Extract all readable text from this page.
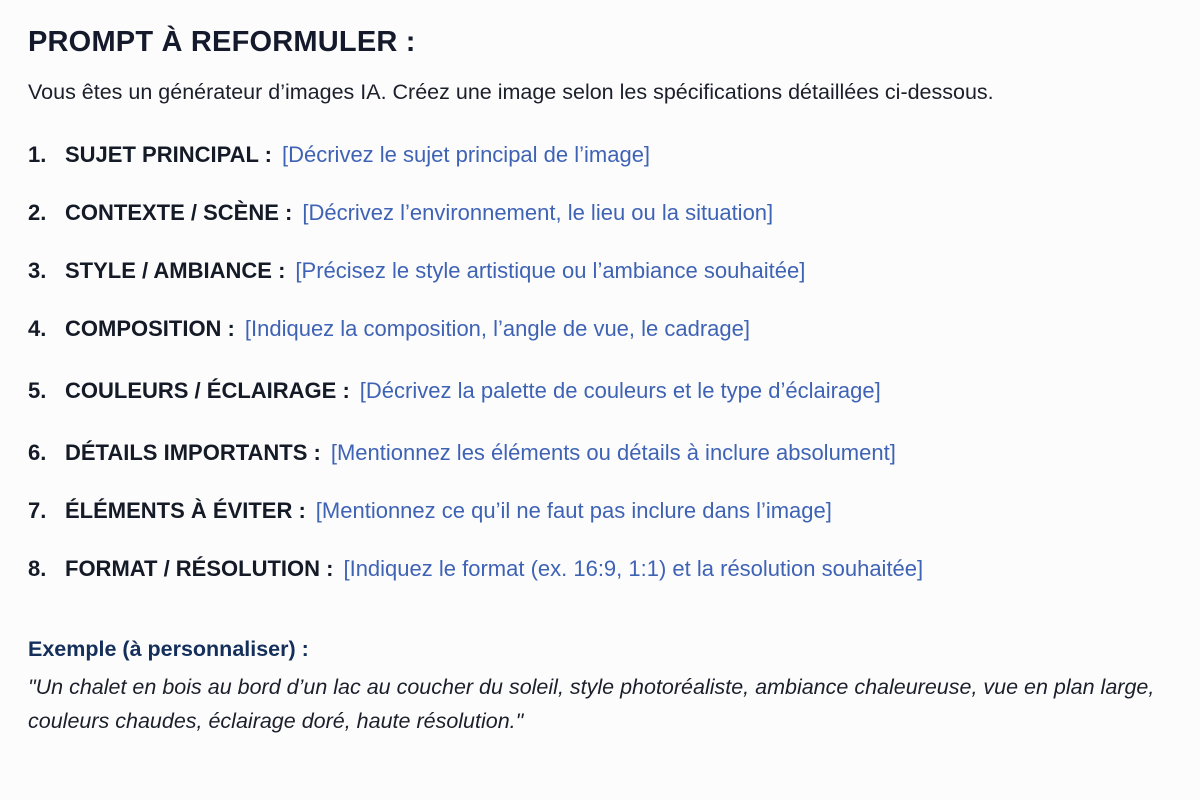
PROMPT À REFORMULER :

Vous êtes un générateur d’images IA. Créez une image selon les spécifications détaillées ci-dessous.

1. SUJET PRINCIPAL : [Décrivez le sujet principal de l’image]
2. CONTEXTE / SCÈNE : [Décrivez l’environnement, le lieu ou la situation]
3. STYLE / AMBIANCE : [Précisez le style artistique ou l’ambiance souhaitée]
4. COMPOSITION : [Indiquez la composition, l’angle de vue, le cadrage]
5. COULEURS / ÉCLAIRAGE : [Décrivez la palette de couleurs et le type d’éclairage]
6. DÉTAILS IMPORTANTS : [Mentionnez les éléments ou détails à inclure absolument]
7. ÉLÉMENTS À ÉVITER : [Mentionnez ce qu’il ne faut pas inclure dans l’image]
8. FORMAT / RÉSOLUTION : [Indiquez le format (ex. 16:9, 1:1) et la résolution souhaitée]
Exemple (à personnaliser) :
"Un chalet en bois au bord d’un lac au coucher du soleil, style photoréaliste, ambiance chaleureuse, vue en plan large, couleurs chaudes, éclairage doré, haute résolution."
